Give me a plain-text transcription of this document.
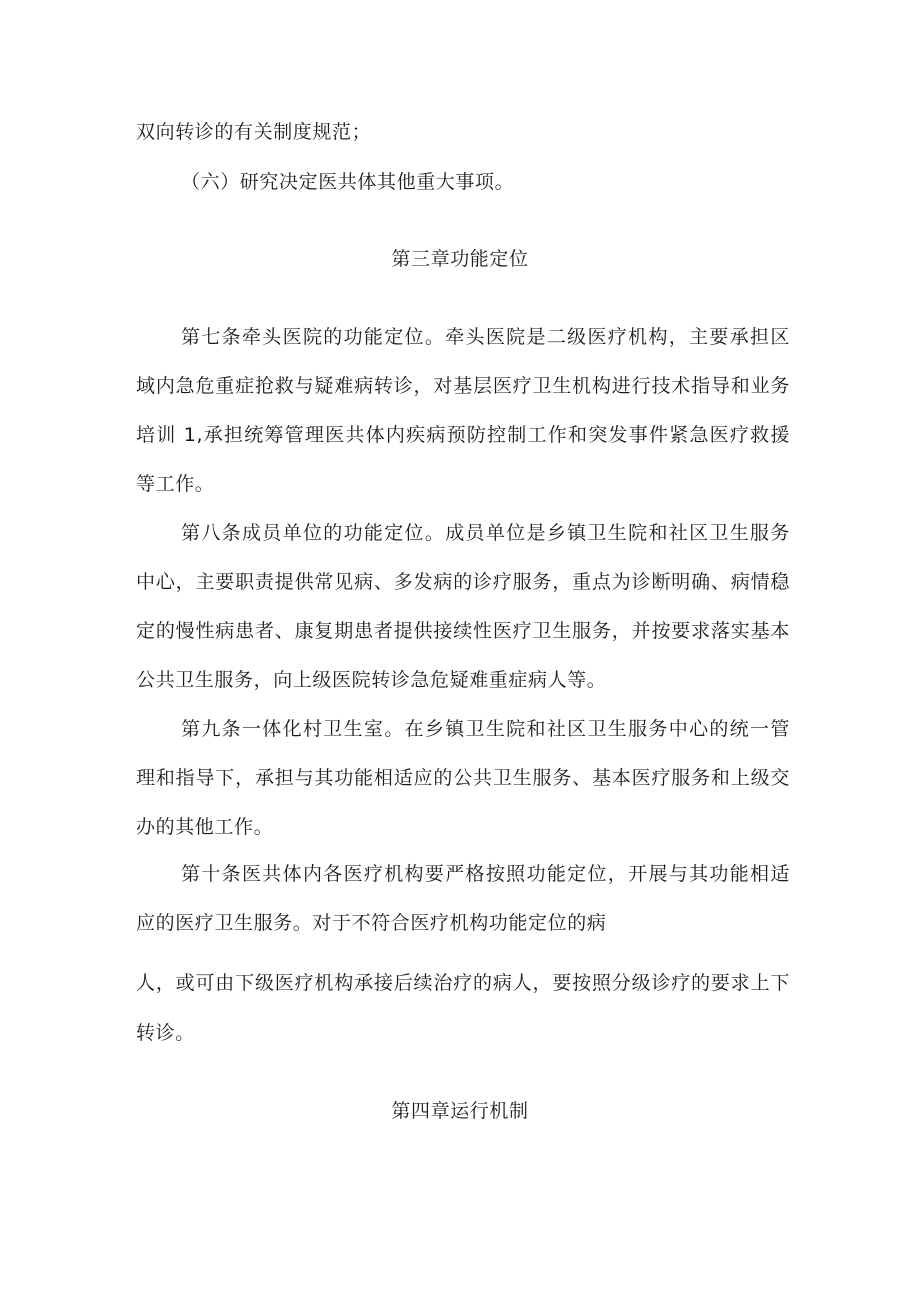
双向转诊的有关制度规范；
（六）研究决定医共体其他重大事项。
第三章功能定位
第七条牵头医院的功能定位。牵头医院是二级医疗机构，主要承担区
域内急危重症抢救与疑难病转诊，对基层医疗卫生机构进行技术指导和业务
培训 1,承担统筹管理医共体内疾病预防控制工作和突发事件紧急医疗救援
等工作。
第八条成员单位的功能定位。成员单位是乡镇卫生院和社区卫生服务
中心，主要职责提供常见病、多发病的诊疗服务，重点为诊断明确、病情稳
定的慢性病患者、康复期患者提供接续性医疗卫生服务，并按要求落实基本
公共卫生服务，向上级医院转诊急危疑难重症病人等。
第九条一体化村卫生室。在乡镇卫生院和社区卫生服务中心的统一管
理和指导下，承担与其功能相适应的公共卫生服务、基本医疗服务和上级交
办的其他工作。
第十条医共体内各医疗机构要严格按照功能定位，开展与其功能相适
应的医疗卫生服务。对于不符合医疗机构功能定位的病
人，或可由下级医疗机构承接后续治疗的病人，要按照分级诊疗的要求上下
转诊。
第四章运行机制
